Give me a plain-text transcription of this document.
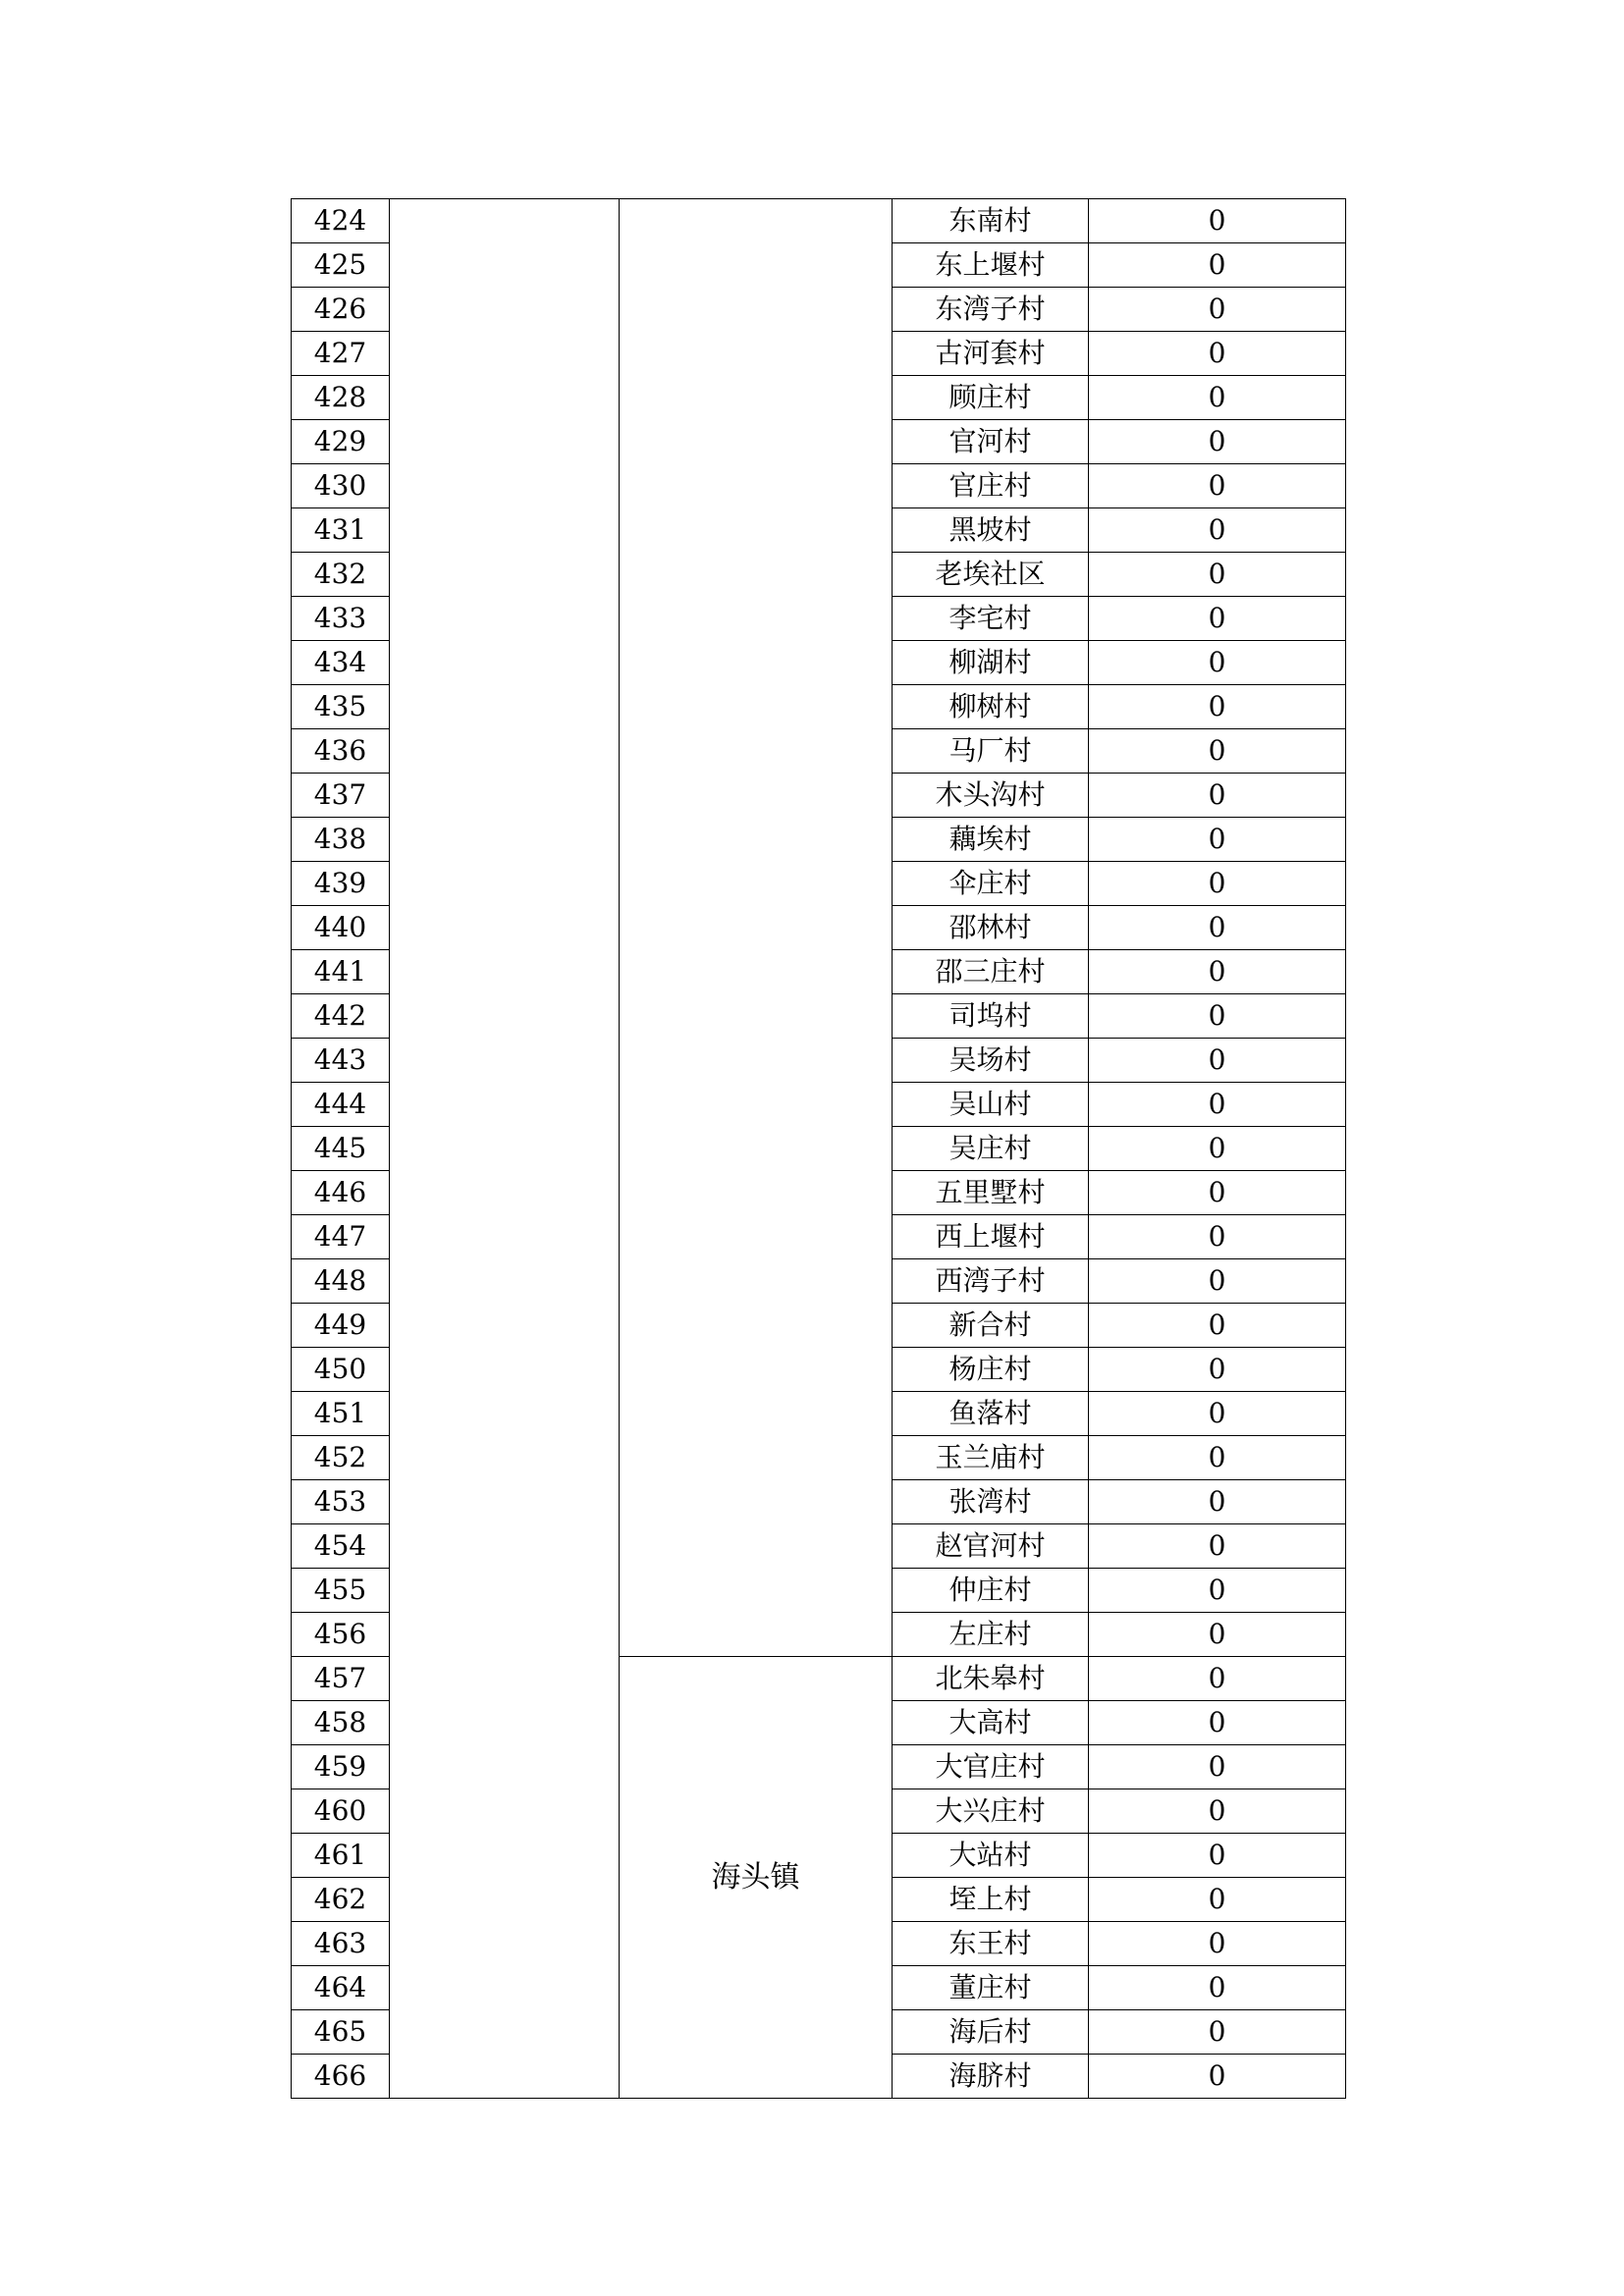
424			东南村	0
425			东上堰村	0
426			东湾子村	0
427			古河套村	0
428			顾庄村	0
429			官河村	0
430			官庄村	0
431			黑坡村	0
432			老埃社区	0
433			李宅村	0
434			柳湖村	0
435			柳树村	0
436			马厂村	0
437			木头沟村	0
438			藕埃村	0
439			伞庄村	0
440			邵林村	0
441			邵三庄村	0
442			司坞村	0
443			吴场村	0
444			吴山村	0
445			吴庄村	0
446			五里墅村	0
447			西上堰村	0
448			西湾子村	0
449			新合村	0
450			杨庄村	0
451			鱼落村	0
452			玉兰庙村	0
453			张湾村	0
454			赵官河村	0
455			仲庄村	0
456			左庄村	0
457		海头镇	北朱皋村	0
458			大高村	0
459			大官庄村	0
460			大兴庄村	0
461			大站村	0
462			垤上村	0
463			东王村	0
464			董庄村	0
465			海后村	0
466			海脐村	0
